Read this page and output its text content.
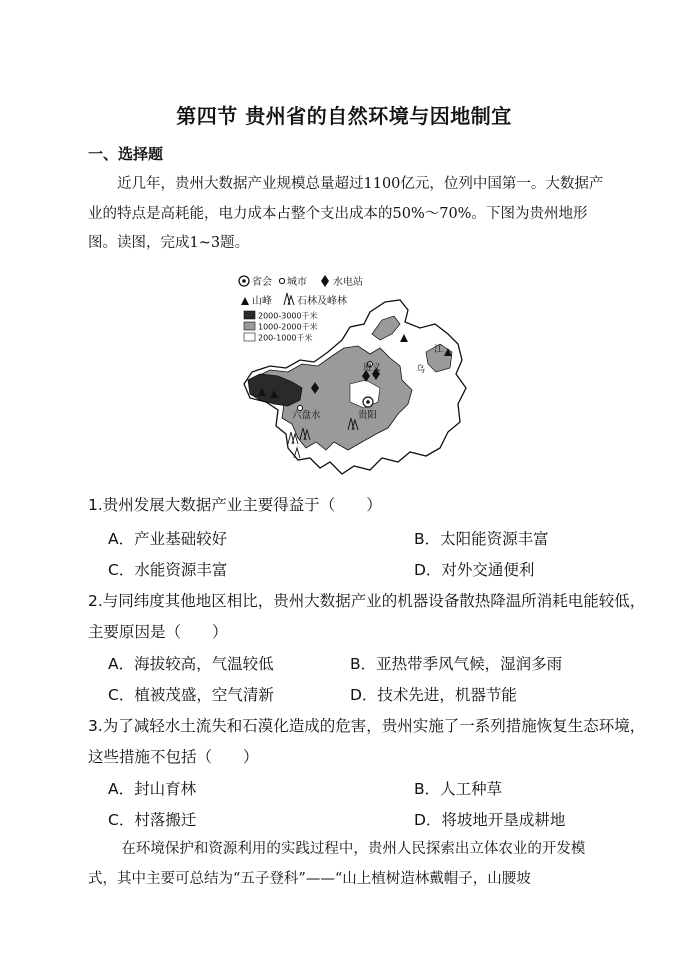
第四节 贵州省的自然环境与因地制宜
一、选择题

近几年，贵州大数据产业规模总量超过1100亿元，位列中国第一。大数据产业的特点是高耗能，电力成本占整个支出成本的50%～70%。下图为贵州地形图。读图，完成1~3题。

省会 城市	水电站
山峰	石林及峰林
2000-3000千米
1000-2000千米
200-1000千米
遵义
六盘水	贵阳
乌
江

1.贵州发展大数据产业主要得益于（　　）

A．产业基础较好	B．太阳能资源丰富
C．水能资源丰富	D．对外交通便利

2.与同纬度其他地区相比，贵州大数据产业的机器设备散热降温所消耗电能较低，主要原因是（　　）

A．海拔较高，气温较低	B．亚热带季风气候，湿润多雨
C．植被茂盛，空气清新	D．技术先进，机器节能

3.为了减轻水土流失和石漠化造成的危害，贵州实施了一系列措施恢复生态环境，这些措施不包括（　　）

A．封山育林	B．人工种草
C．村落搬迁	D．将坡地开垦成耕地

在环境保护和资源利用的实践过程中，贵州人民探索出立体农业的开发模式，其中主要可总结为“五子登科”——“山上植树造林戴帽子，山腰坡
